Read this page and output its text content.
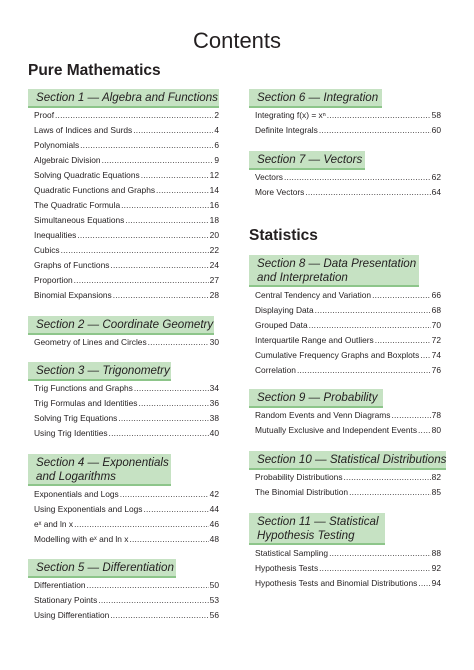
Contents
Pure Mathematics
Statistics
Section 1 — Algebra and Functions
Proof .....	2
Laws of Indices and Surds .....	4
Polynomials .....	6
Algebraic Division .....	9
Solving Quadratic Equations .....	12
Quadratic Functions and Graphs .....	14
The Quadratic Formula .....	16
Simultaneous Equations .....	18
Inequalities .....	20
Cubics .....	22
Graphs of Functions .....	24
Proportion .....	27
Binomial Expansions .....	28
Section 2 — Coordinate Geometry
Geometry of Lines and Circles .....	30
Section 3 — Trigonometry
Trig Functions and Graphs .....	34
Trig Formulas and Identities .....	36
Solving Trig Equations .....	38
Using Trig Identities .....	40
Section 4 — Exponentials
and Logarithms
Exponentials and Logs .....	42
Using Exponentials and Logs .....	44
eˣ and ln x .....	46
Modelling with eˣ and ln x .....	48
Section 5 — Differentiation
Differentiation .....	50
Stationary Points .....	53
Using Differentiation .....	56
Section 6 — Integration
Integrating f(x) = xⁿ .....	58
Definite Integrals .....	60
Section 7 — Vectors
Vectors .....	62
More Vectors .....	64
Section 8 — Data Presentation
and Interpretation
Central Tendency and Variation .....	66
Displaying Data .....	68
Grouped Data .....	70
Interquartile Range and Outliers .....	72
Cumulative Frequency Graphs and Boxplots ..... 74
Correlation .....	76
Section 9 — Probability
Random Events and Venn Diagrams .....	78
Mutually Exclusive and Independent Events ..... 80
Section 10 — Statistical Distributions
Probability Distributions .....	82
The Binomial Distribution .....	85
Section 11 — Statistical
Hypothesis Testing
Statistical Sampling .....	88
Hypothesis Tests .....	92
Hypothesis Tests and Binomial Distributions ..... 94
